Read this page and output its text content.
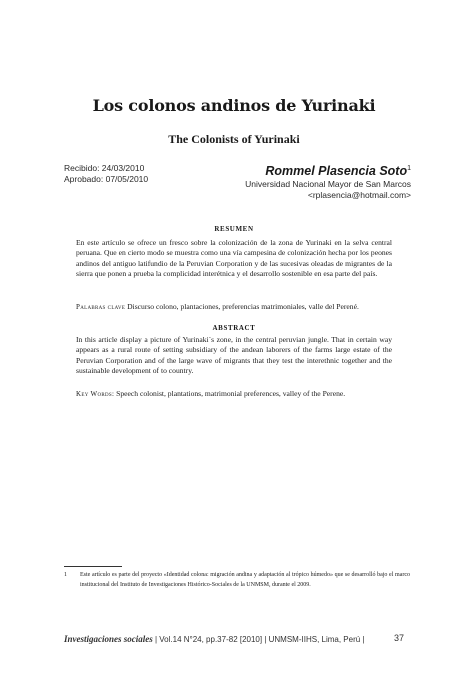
Los colonos andinos de Yurinaki
The Colonists of Yurinaki
Recibido: 24/03/2010
Aprobado: 07/05/2010
Rommel Plasencia Soto$^1$
Universidad Nacional Mayor de San Marcos
<rplasencia@hotmail.com>
RESUMEN
En este artículo se ofrece un fresco sobre la colonización de la zona de Yurinaki en la selva central peruana. Que en cierto modo se muestra como una vía campesina de colonización hecha por los peones andinos del antiguo latifundio de la Peruvian Corporation y de las sucesivas oleadas de migrantes de la sierra que ponen a prueba la complicidad interétnica y el desarrollo sostenible en esa parte del país.
Palabras clave Discurso colono, plantaciones, preferencias matrimoniales, valle del Perené.
ABSTRACT
In this article display a picture of Yurinaki´s zone, in the central peruvian jungle. That in certain way appears as a rural route of setting subsidiary of the andean laborers of the farms large estate of the Peruvian Corporation and of the large wave of migrants that they test the interethnic together and the sustainable development of to country.
Key Words: Speech colonist, plantations, matrimonial preferences, valley of the Perene.
1 Este artículo es parte del proyecto «Identidad colona: migración andina y adaptación al trópico húmedo» que se desarrolló bajo el marco institucional del Instituto de Investigaciones Histórico-Sociales de la UNMSM, durante el 2009.
Investigaciones sociales | Vol.14 N°24, pp.37-82 [2010] | UNMSM-IIHS, Lima, Perú |	37
